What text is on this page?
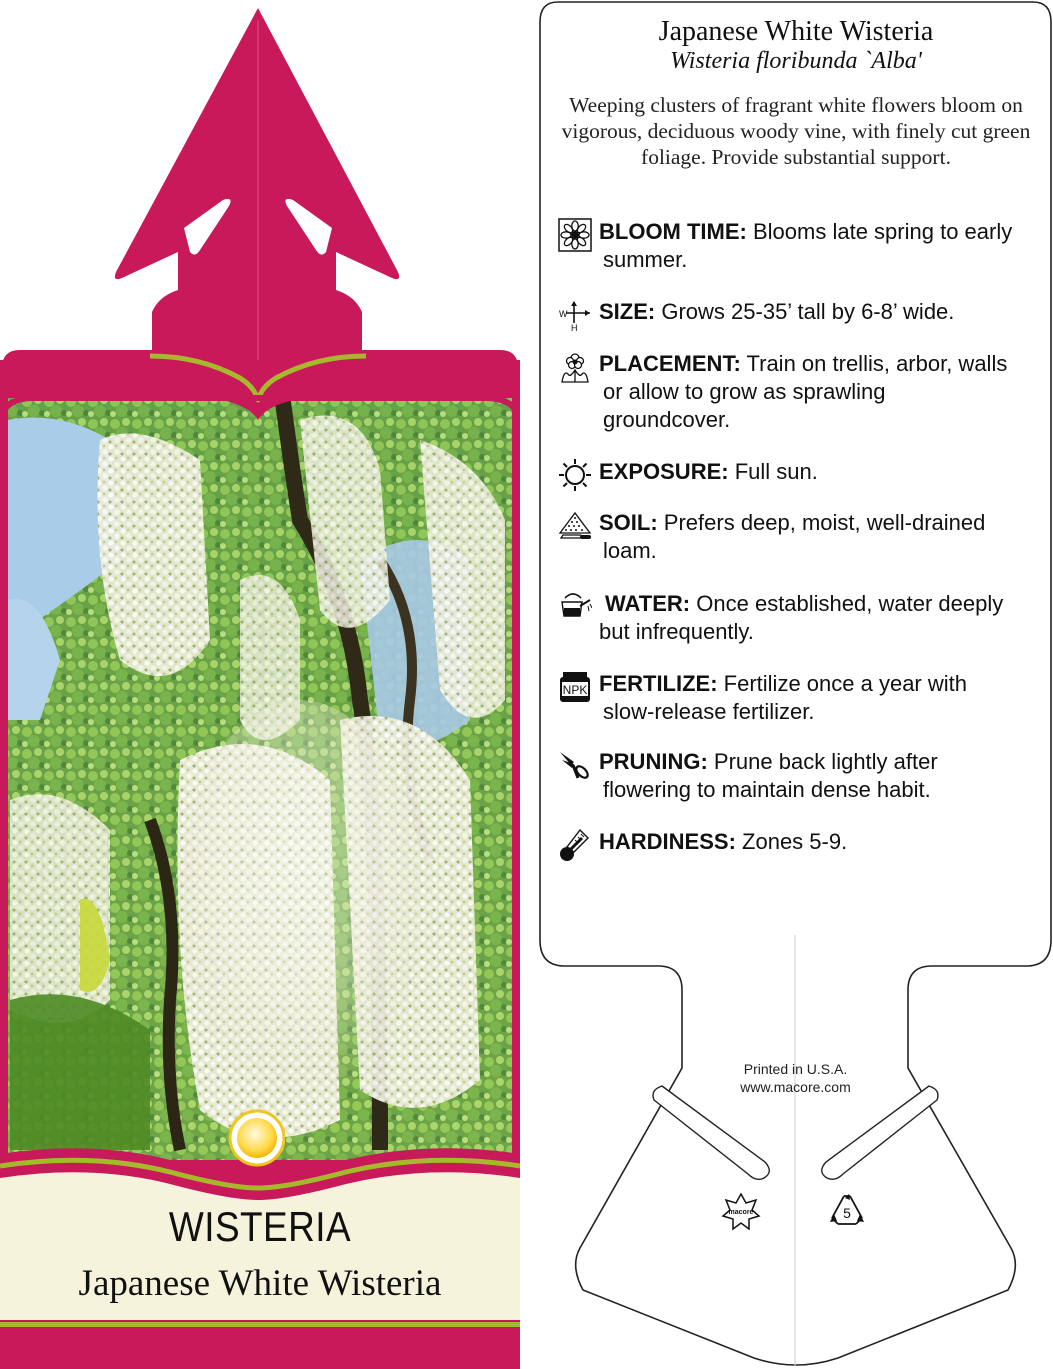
WISTERIA
Japanese White Wisteria
macore	5
Japanese White Wisteria
Wisteria floribunda `Alba'
Weeping clusters of fragrant white flowers bloom on vigorous, deciduous woody vine, with finely cut green foliage. Provide substantial support.
BLOOM TIME: Blooms late spring to early
summer.
W
H
SIZE: Grows 25-35’ tall by 6-8’ wide.
PLACEMENT: Train on trellis, arbor, walls
or allow to grow as sprawling
groundcover.
EXPOSURE: Full sun.
SOIL: Prefers deep, moist, well-drained
loam.
WATER: Once established, water deeply
but infrequently.
NPK FERTILIZE: Fertilize once a year with
slow-release fertilizer.
PRUNING: Prune back lightly after
flowering to maintain dense habit.
HARDINESS: Zones 5-9.
Printed in U.S.A.
www.macore.com
